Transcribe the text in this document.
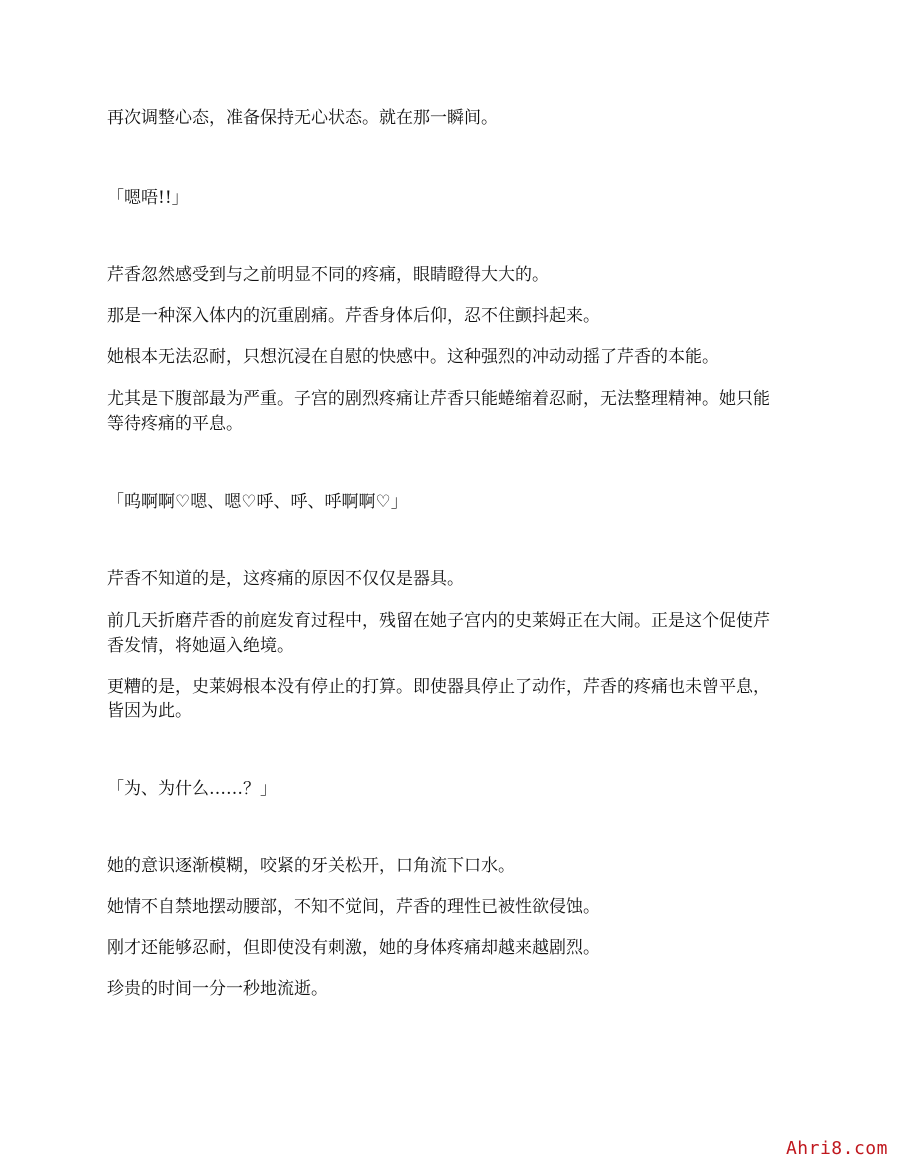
再次调整心态，准备保持无心状态。就在那一瞬间。
「嗯唔!!」
芹香忽然感受到与之前明显不同的疼痛，眼睛瞪得大大的。
那是一种深入体内的沉重剧痛。芹香身体后仰，忍不住颤抖起来。
她根本无法忍耐，只想沉浸在自慰的快感中。这种强烈的冲动动摇了芹香的本能。
尤其是下腹部最为严重。子宫的剧烈疼痛让芹香只能蜷缩着忍耐，无法整理精神。她只能
等待疼痛的平息。
「呜啊啊♡嗯、嗯♡呼、呼、呼啊啊♡」
芹香不知道的是，这疼痛的原因不仅仅是器具。
前几天折磨芹香的前庭发育过程中，残留在她子宫内的史莱姆正在大闹。正是这个促使芹
香发情，将她逼入绝境。
更糟的是，史莱姆根本没有停止的打算。即使器具停止了动作，芹香的疼痛也未曾平息，
皆因为此。
「为、为什么……？」
她的意识逐渐模糊，咬紧的牙关松开，口角流下口水。
她情不自禁地摆动腰部，不知不觉间，芹香的理性已被性欲侵蚀。
刚才还能够忍耐，但即使没有刺激，她的身体疼痛却越来越剧烈。
珍贵的时间一分一秒地流逝。
Ahri8.com
